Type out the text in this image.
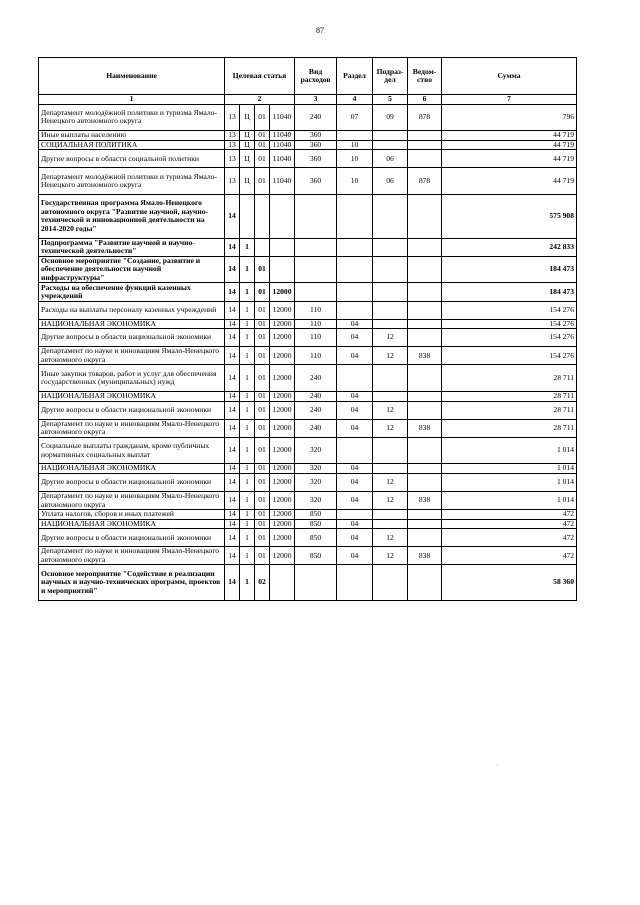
87
Наименование	Целевая статья				Вид расходов	Раздел	Подраз-дел	Ведом-ство	Сумма
1	2				3	4	5	6	7
Департамент молодёжной политики и туризма Ямало-Ненецкого автономного округа	13	Ц	01	11040	240	07	09	878	796
Иные выплаты населению	13	Ц	01	11040	360				44 719
СОЦИАЛЬНАЯ ПОЛИТИКА	13	Ц	01	11040	360	10			44 719
Другие вопросы в области социальной политики	13	Ц	01	11040	360	10	06		44 719
Департамент молодёжной политики и туризма Ямало-Ненецкого автономного округа	13	Ц	01	11040	360	10	06	878	44 719
Государственная программа Ямало-Ненецкого автономного округа "Развитие научной, научно-технической и инновационной деятельности на 2014-2020 годы"	14								575 908
Подпрограмма "Развитие научной и научно-технической деятельности"	14	1							242 833
Основное мероприятие "Создание, развитие и обеспечение деятельности научной инфраструктуры"	14	1	01						184 473
Расходы на обеспечение функций казенных учреждений	14	1	01	12000					184 473
Расходы на выплаты персоналу казенных учреждений	14	1	01	12000	110				154 276
НАЦИОНАЛЬНАЯ ЭКОНОМИКА	14	1	01	12000	110	04			154 276
Другие вопросы в области национальной экономики	14	1	01	12000	110	04	12		154 276
Департамент по науке и инновациям Ямало-Ненецкого автономного округа	14	1	01	12000	110	04	12	838	154 276
Иные закупки товаров, работ и услуг для обеспечения государственных (муниципальных) нужд	14	1	01	12000	240				28 711
НАЦИОНАЛЬНАЯ ЭКОНОМИКА	14	1	01	12000	240	04			28 711
Другие вопросы в области национальной экономики	14	1	01	12000	240	04	12		28 711
Департамент по науке и инновациям Ямало-Ненецкого автономного округа	14	1	01	12000	240	04	12	838	28 711
Социальные выплаты гражданам, кроме публичных нормативных социальных выплат	14	1	01	12000	320				1 014
НАЦИОНАЛЬНАЯ ЭКОНОМИКА	14	1	01	12000	320	04			1 014
Другие вопросы в области национальной экономики	14	1	01	12000	320	04	12		1 014
Департамент по науке и инновациям Ямало-Ненецкого автономного округа	14	1	01	12000	320	04	12	838	1 014
Уплата налогов, сборов и иных платежей	14	1	01	12000	850				472
НАЦИОНАЛЬНАЯ ЭКОНОМИКА	14	1	01	12000	850	04			472
Другие вопросы в области национальной экономики	14	1	01	12000	850	04	12		472
Департамент по науке и инновациям Ямало-Ненецкого автономного округа	14	1	01	12000	850	04	12	838	472
Основное мероприятие "Содействие в реализации научных и научно-технических программ, проектов и мероприятий"	14	1	02						58 360
·
